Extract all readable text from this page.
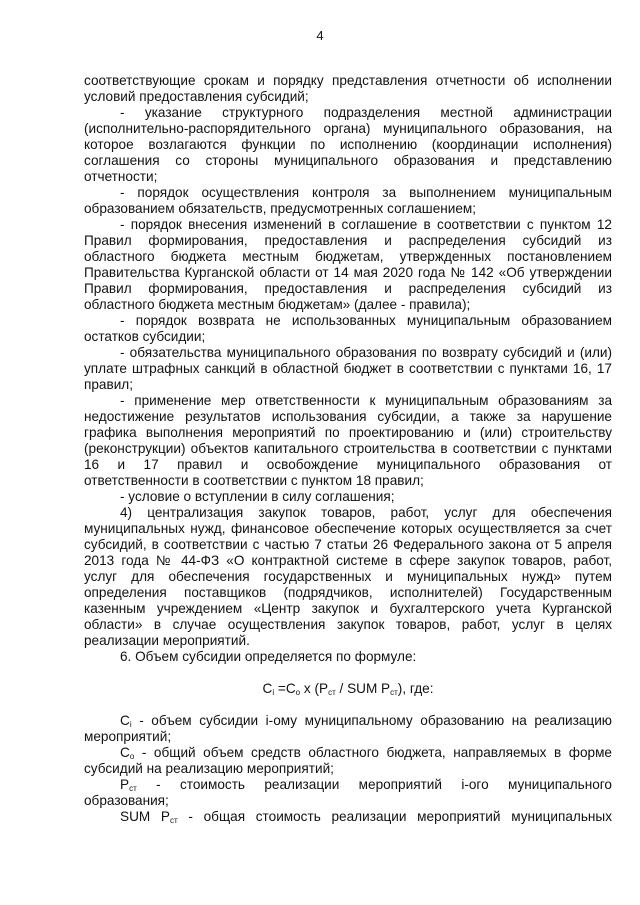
4
соответствующие срокам и порядку представления отчетности об исполнении
условий предоставления субсидий;
- указание структурного подразделения местной администрации
(исполнительно-распорядительного органа) муниципального образования, на
которое возлагаются функции по исполнению (координации исполнения)
соглашения со стороны муниципального образования и представлению
отчетности;
- порядок осуществления контроля за выполнением муниципальным
образованием обязательств, предусмотренных соглашением;
- порядок внесения изменений в соглашение в соответствии с пунктом 12
Правил формирования, предоставления и распределения субсидий из
областного бюджета местным бюджетам, утвержденных постановлением
Правительства Курганской области от 14 мая 2020 года № 142 «Об утверждении
Правил формирования, предоставления и распределения субсидий из
областного бюджета местным бюджетам» (далее - правила);
- порядок возврата не использованных муниципальным образованием
остатков субсидии;
- обязательства муниципального образования по возврату субсидий и (или)
уплате штрафных санкций в областной бюджет в соответствии с пунктами 16, 17
правил;
- применение мер ответственности к муниципальным образованиям за
недостижение результатов использования субсидии, а также за нарушение
графика выполнения мероприятий по проектированию и (или) строительству
(реконструкции) объектов капитального строительства в соответствии с пунктами
16 и 17 правил и освобождение муниципального образования от
ответственности в соответствии с пунктом 18 правил;
- условие о вступлении в силу соглашения;
4) централизация закупок товаров, работ, услуг для обеспечения
муниципальных нужд, финансовое обеспечение которых осуществляется за счет
субсидий, в соответствии с частью 7 статьи 26 Федерального закона от 5 апреля
2013 года № 44-ФЗ «О контрактной системе в сфере закупок товаров, работ,
услуг для обеспечения государственных и муниципальных нужд» путем
определения поставщиков (подрядчиков, исполнителей) Государственным
казенным учреждением «Центр закупок и бухгалтерского учета Курганской
области» в случае осуществления закупок товаров, работ, услуг в целях
реализации мероприятий.
6. Объем субсидии определяется по формуле:
$C_i =C_o$ x ($P_{ст}$ / SUM $P_{ст}$), где:
$C_i$ - объем субсидии i-ому муниципальному образованию на реализацию
мероприятий;
$C_o$ - общий объем средств областного бюджета, направляемых в форме
субсидий на реализацию мероприятий;
$P_{ст}$ - стоимость реализации мероприятий i-ого муниципального
образования;
SUM $P_{ст}$ - общая стоимость реализации мероприятий муниципальных
